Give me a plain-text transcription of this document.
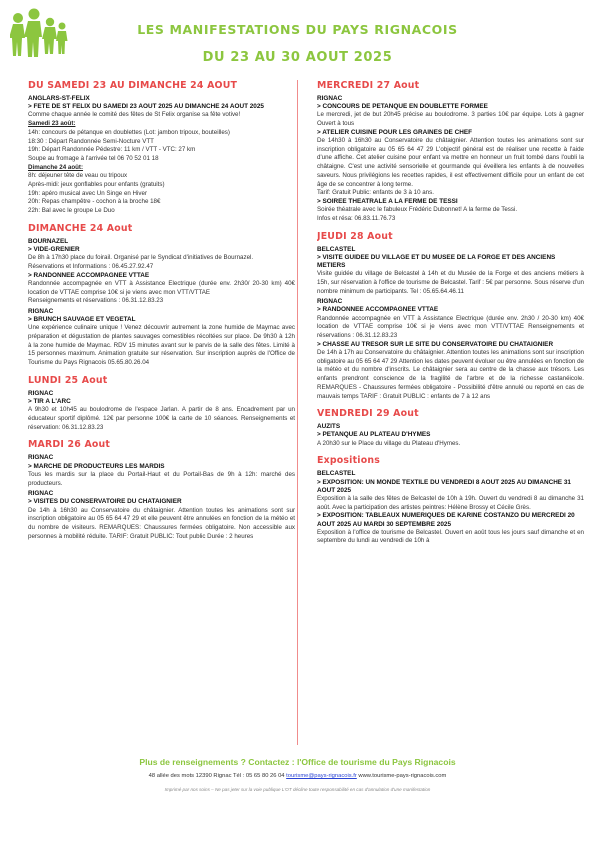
LES MANIFESTATIONS DU PAYS RIGNACOIS
DU 23 AU 30 AOUT 2025
DU SAMEDI 23 AU DIMANCHE 24 AOUT
ANGLARS-ST-FELIX
> FETE DE ST FELIX DU SAMEDI 23 AOUT 2025 AU DIMANCHE 24 AOUT 2025
Comme chaque année le comité des fêtes de St Felix organise sa fête votive!
Samedi 23 août:
14h: concours de pétanque en doublettes (Lot: jambon tripoux, bouteilles)
18:30 : Départ Randonnée Semi-Nocture VTT
19h: Départ Randonnée Pédestre: 11 km / VTT - VTC: 27 km
Soupe au fromage à l'arrivée tel 06 70 52 01 18
Dimanche 24 août:
8h: déjeuner tête de veau ou tripoux
Après-midi: jeux gonflables pour enfants (gratuits)
19h: apéro musical avec Un Singe en Hiver
20h: Repas champêtre - cochon à la broche 18€
22h: Bal avec le groupe Le Duo
DIMANCHE 24 Aout
BOURNAZEL
> VIDE-GRENIER
De 8h à 17h30 place du foirail. Organisé par le Syndicat d'initiatives de Bournazel.
Réservations et Informations : 06.45.27.92.47
> RANDONNEE ACCOMPAGNEE VTTAE
Randonnée accompagnée en VTT à Assistance Electrique (durée env. 2h30/ 20-30 km) 40€ location de VTTAE comprise 10€ si je viens avec mon VTT/VTTAE
Renseignements et réservations : 06.31.12.83.23
RIGNAC
> BRUNCH SAUVAGE ET VEGETAL
Une expérience culinaire unique ! Venez découvrir autrement la zone humide de Maymac avec préparation et dégustation de plantes sauvages comestibles récoltées sur place. De 9h30 à 12h à la zone humide de Maymac. RDV 15 minutes avant sur le parvis de la salle des fêtes. Limité à 15 personnes maximum. Animation gratuite sur réservation. Sur inscription auprès de l'Office de Tourisme du Pays Rignacois 05.65.80.26.04
LUNDI 25 Aout
RIGNAC
> TIR A L'ARC
A 9h30 et 10h45 au boulodrome de l'espace Jarlan. A partir de 8 ans. Encadrement par un éducateur sportif diplômé. 12€ par personne 100€ la carte de 10 séances. Renseignements et réservation: 06.31.12.83.23
MARDI 26 Aout
RIGNAC
> MARCHE DE PRODUCTEURS LES MARDIS
Tous les mardis sur la place du Portail-Haut et du Portail-Bas de 9h à 12h: marché des producteurs.
RIGNAC
> VISITES DU CONSERVATOIRE DU CHATAIGNIER
De 14h à 16h30 au Conservatoire du châtaignier. Attention toutes les animations sont sur inscription obligatoire au 05 65 64 47 29 et elle peuvent être annulées en fonction de la météo et du nombre de visiteurs. REMARQUES: Chaussures fermées obligatoire. Non accessible aux personnes à mobilité réduite. TARIF: Gratuit PUBLIC: Tout public Durée : 2 heures
MERCREDI 27 Aout
RIGNAC
> CONCOURS DE PETANQUE EN DOUBLETTE FORMEE
Le mercredi, jet de but 20h45 précise au boulodrome. 3 parties 10€ par équipe. Lots à gagner Ouvert à tous
> ATELIER CUISINE POUR LES GRAINES DE CHEF
De 14h30 à 16h30 au Conservatoire du châtaignier. Attention toutes les animations sont sur inscription obligatoire au 05 65 64 47 29 L'objectif général est de réaliser une recette à l'aide d'une affiche. Cet atelier cuisine pour enfant va mettre en honneur un fruit tombé dans l'oubli la châtaigne. C'est une activité sensorielle et gourmande qui éveillera les enfants à de nouvelles saveurs. Nous privilégions les recettes rapides, il est effectivement difficile pour un enfant de cet âge de se concentrer à long terme.
Tarif: Gratuit Public: enfants de 3 à 10 ans.
> SOIREE THEATRALE A LA FERME DE TESSI
Soirée théatrale avec le fabuleux Frédéric Dubonnet! A la ferme de Tessi.
Infos et résa: 06.83.11.76.73
JEUDI 28 Aout
BELCASTEL
> VISITE GUIDEE DU VILLAGE ET DU MUSEE DE LA FORGE ET DES ANCIENS METIERS
Visite guidée du village de Belcastel à 14h et du Musée de la Forge et des anciens métiers à 15h, sur réservation à l'office de tourisme de Belcastel. Tarif : 5€ par personne. Sous réserve d'un nombre minimum de participants. Tel : 05.65.64.46.11
RIGNAC
> RANDONNEE ACCOMPAGNEE VTTAE
Randonnée accompagnée en VTT à Assistance Electrique (durée env. 2h30 / 20-30 km) 40€ location de VTTAE comprise 10€ si je viens avec mon VTT/VTTAE Renseignements et réservations : 06.31.12.83.23
> CHASSE AU TRESOR SUR LE SITE DU CONSERVATOIRE DU CHATAIGNIER
De 14h à 17h au Conservatoire du châtaignier. Attention toutes les animations sont sur inscription obligatoire au 05 65 64 47 29 Attention les dates peuvent évoluer ou être annulées en fonction de la météo et du nombre d'inscrits. Le châtaignier sera au centre de la chasse aux trésors. Les enfants prendront conscience de la fragilité de l'arbre et de la richesse castanéicole. REMARQUES - Chaussures fermées obligatoire - Possibilité d'être annulé ou reporté en cas de mauvais temps TARIF : Gratuit PUBLIC : enfants de 7 à 12 ans
VENDREDI 29 Aout
AUZITS
> PETANQUE AU PLATEAU D'HYMES
A 20h30 sur le Place du village du Plateau d'Hymes.
Expositions
BELCASTEL
> EXPOSITION: UN MONDE TEXTILE DU VENDREDI 8 AOUT 2025 AU DIMANCHE 31 AOUT 2025
Exposition à la salle des fêtes de Belcastel de 10h à 19h. Ouvert du vendredi 8 au dimanche 31 août. Avec la participation des artistes peintres: Hélène Brossy et Cécile Grès.
> EXPOSITION: TABLEAUX NUMERIQUES DE KARINE COSTANZO DU MERCREDI 20 AOUT 2025 AU MARDI 30 SEPTEMBRE 2025
Exposition à l'office de tourisme de Belcastel. Ouvert en août tous les jours sauf dimanche et en septembre du lundi au vendredi de 10h à
Plus de renseignements ? Contactez : l'Office de tourisme du Pays Rignacois
48 allée des mots 12390 Rignac Tél : 05 65 80 26 04 tourisme@pays-rignacois.fr www.tourisme-pays-rignacois.com
Imprimé par nos soins – Ne pas jeter sur la voie publique L'OT décline toute responsabilité en cas d'annulation d'une manifestation
